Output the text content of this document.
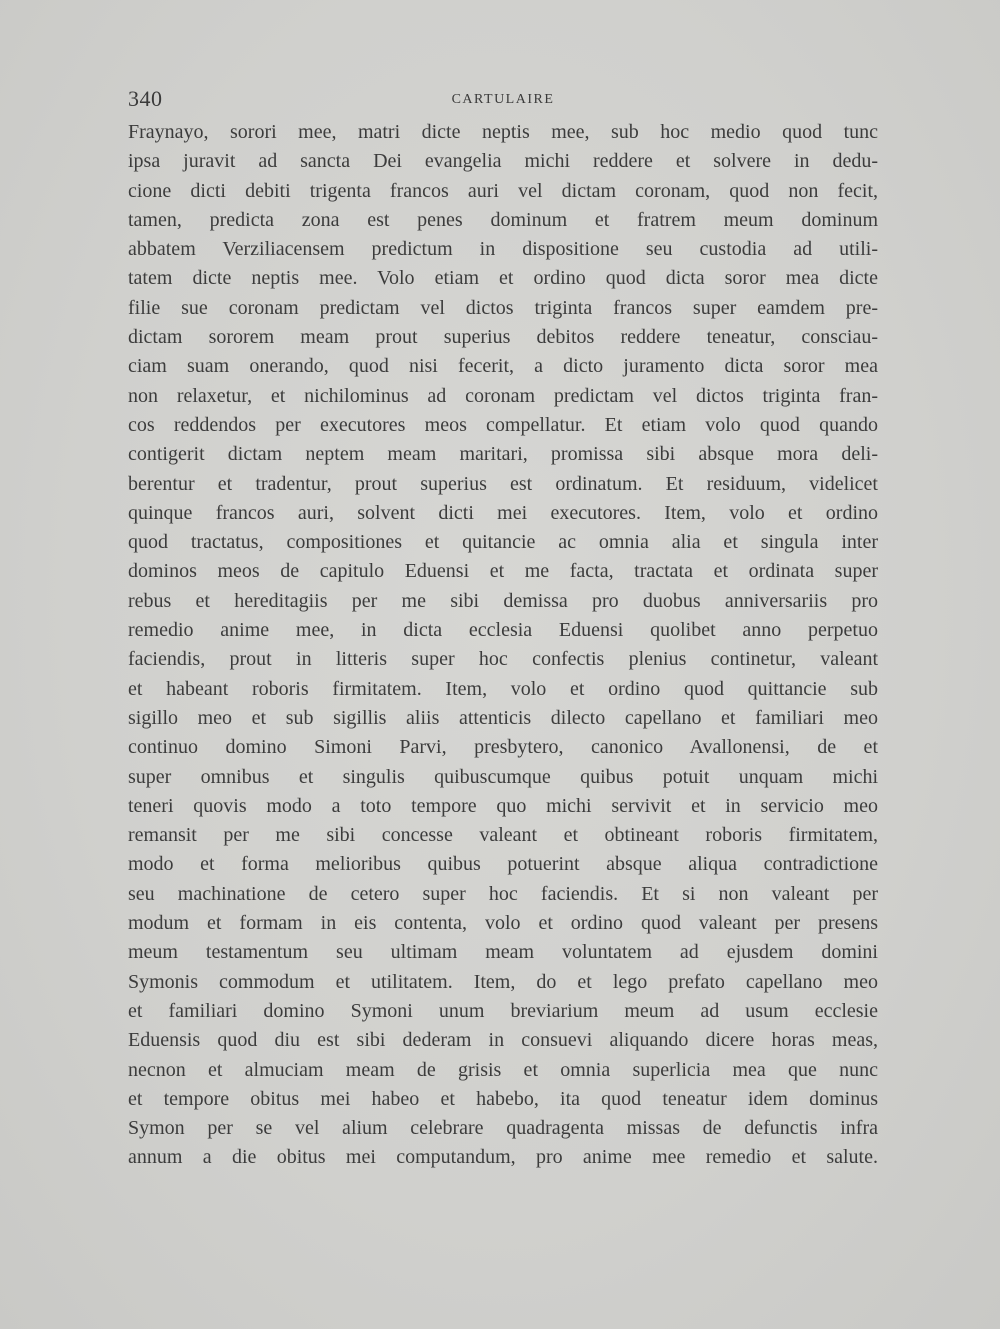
340	CARTULAIRE
Fraynayo, sorori mee, matri dicte neptis mee, sub hoc medio quod tunc
ipsa juravit ad sancta Dei evangelia michi reddere et solvere in dedu-
cione dicti debiti trigenta francos auri vel dictam coronam, quod non fecit,
tamen, predicta zona est penes dominum et fratrem meum dominum
abbatem Verziliacensem predictum in dispositione seu custodia ad utili-
tatem dicte neptis mee. Volo etiam et ordino quod dicta soror mea dicte
filie sue coronam predictam vel dictos triginta francos super eamdem pre-
dictam sororem meam prout superius debitos reddere teneatur, consciau-
ciam suam onerando, quod nisi fecerit, a dicto juramento dicta soror mea
non relaxetur, et nichilominus ad coronam predictam vel dictos triginta fran-
cos reddendos per executores meos compellatur. Et etiam volo quod quando
contigerit dictam neptem meam maritari, promissa sibi absque mora deli-
berentur et tradentur, prout superius est ordinatum. Et residuum, videlicet
quinque francos auri, solvent dicti mei executores. Item, volo et ordino
quod tractatus, compositiones et quitancie ac omnia alia et singula inter
dominos meos de capitulo Eduensi et me facta, tractata et ordinata super
rebus et hereditagiis per me sibi demissa pro duobus anniversariis pro
remedio anime mee, in dicta ecclesia Eduensi quolibet anno perpetuo
faciendis, prout in litteris super hoc confectis plenius continetur, valeant
et habeant roboris firmitatem. Item, volo et ordino quod quittancie sub
sigillo meo et sub sigillis aliis attenticis dilecto capellano et familiari meo
continuo domino Simoni Parvi, presbytero, canonico Avallonensi, de et
super omnibus et singulis quibuscumque quibus potuit unquam michi
teneri quovis modo a toto tempore quo michi servivit et in servicio meo
remansit per me sibi concesse valeant et obtineant roboris firmitatem,
modo et forma melioribus quibus potuerint absque aliqua contradictione
seu machinatione de cetero super hoc faciendis. Et si non valeant per
modum et formam in eis contenta, volo et ordino quod valeant per presens
meum testamentum seu ultimam meam voluntatem ad ejusdem domini
Symonis commodum et utilitatem. Item, do et lego prefato capellano meo
et familiari domino Symoni unum breviarium meum ad usum ecclesie
Eduensis quod diu est sibi dederam in consuevi aliquando dicere horas meas,
necnon et almuciam meam de grisis et omnia superlicia mea que nunc
et tempore obitus mei habeo et habebo, ita quod teneatur idem dominus
Symon per se vel alium celebrare quadragenta missas de defunctis infra
annum a die obitus mei computandum, pro anime mee remedio et salute.
